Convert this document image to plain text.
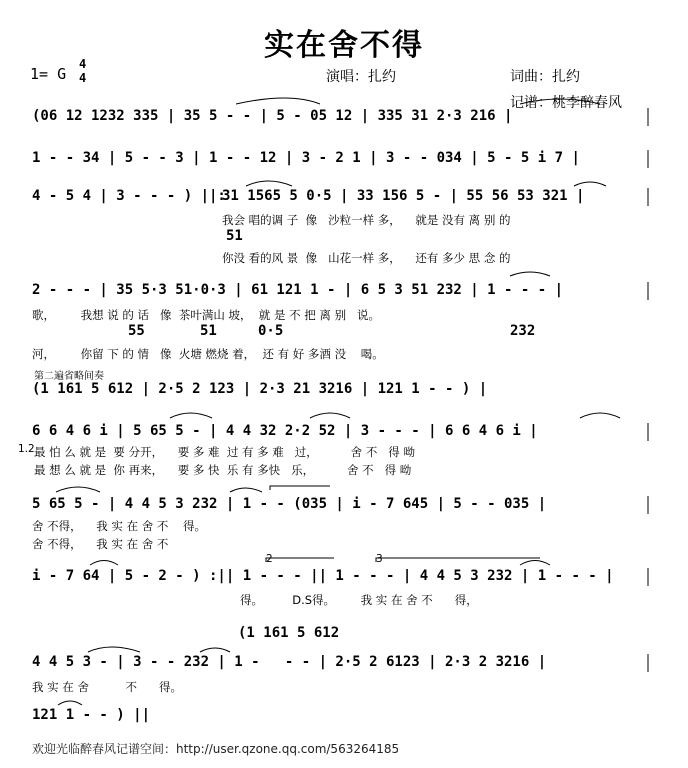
实在舍不得
1= G
4
4	演唱：扎约	词曲：扎约
记谱：桃李醉春风
(06 12 1232 335 | 35 5 - - | 5 - 05 12 | 335 31 2·3 216 |
1 - - 34 | 5 - - 3 | 1 - - 12 | 3 - 2 1 | 3 - - 034 | 5 - 5 i 7 |
4 - 5 4 | 3 - - - ) ||:
31 1565 5 0·5 | 33 156 5 - | 55 56 53 321 |
我会 唱的调 子  像   沙粒一样 多，    就是 没有 离 别 的
51
你没 看的风 景  像   山花一样 多，    还有 多少 思 念 的
2 - - - | 35 5·3 51·0·3 | 61 121 1 - | 6 5 3 51 232 | 1 - - - |
歌，       我想 说 的 话   像  茶叶满山 坡，  就 是 不 把 离 别   说。
55	51	0·5	232
河，       你留 下 的 情   像  火塘 燃烧 着，  还 有 好 多酒 没    喝。
第二遍省略间奏
(1 161 5 612 | 2·5 2 123 | 2·3 21 3216 | 121 1 - - ) |
6 6 4 6 i | 5 65 5 - | 4 4 32 2·2 52 | 3 - - - | 6 6 4 6 i |
1.2 最 怕 么 就 是  要 分开，    要 多 难  过 有 多 难   过，         舍 不   得 呦
最 想 么 就 是  你 再来，    要 多 快  乐 有 多快   乐，         舍 不   得 呦
5 65 5 - | 4 4 5 3 232 | 1 - - (035 | i - 7 645 | 5 - - 035 |
舍 不得，    我 实 在 舍 不    得。
舍 不得，    我 实 在 舍 不
2	3
i - 7 64 | 5 - 2 - ) :|| 1 - - - || 1 - - - | 4 4 5 3 232 | 1 - - - |
得。        D.S得。       我 实 在 舍 不      得，
(1 161 5 612
4 4 5 3 - | 3 - - 232 | 1 -   - - | 2·5 2 6123 | 2·3 2 3216 |
我 实 在 舍          不      得。
121 1 - - ) ||
欢迎光临醉春风记谱空间：http://user.qzone.qq.com/563264185
